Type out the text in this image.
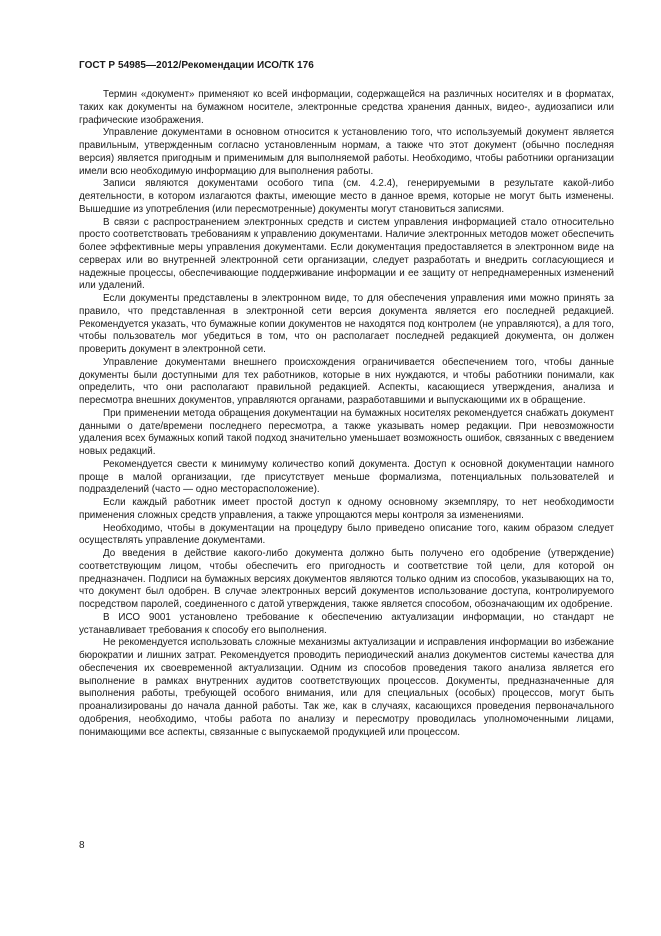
ГОСТ Р 54985—2012/Рекомендации ИСО/ТК 176

Термин «документ» применяют ко всей информации, содержащейся на различных носителях и в форматах, таких как документы на бумажном носителе, электронные средства хранения данных, видео-, аудиозаписи или графические изображения.

Управление документами в основном относится к установлению того, что используемый документ является правильным, утвержденным согласно установленным нормам, а также что этот документ (обычно последняя версия) является пригодным и применимым для выполняемой работы. Необходимо, чтобы работники организации имели всю необходимую информацию для выполнения работы.

Записи являются документами особого типа (см. 4.2.4), генерируемыми в результате какой-либо деятельности, в котором излагаются факты, имеющие место в данное время, которые не могут быть изменены. Вышедшие из употребления (или пересмотренные) документы могут становиться записями.

В связи с распространением электронных средств и систем управления информацией стало относительно просто соответствовать требованиям к управлению документами. Наличие электронных методов может обеспечить более эффективные меры управления документами. Если документация предоставляется в электронном виде на серверах или во внутренней электронной сети организации, следует разработать и внедрить согласующиеся и надежные процессы, обеспечивающие поддерживание информации и ее защиту от непреднамеренных изменений или удалений.

Если документы представлены в электронном виде, то для обеспечения управления ими можно принять за правило, что представленная в электронной сети версия документа является его последней редакцией. Рекомендуется указать, что бумажные копии документов не находятся под контролем (не управляются), а для того, чтобы пользователь мог убедиться в том, что он располагает последней редакцией документа, он должен проверить документ в электронной сети.

Управление документами внешнего происхождения ограничивается обеспечением того, чтобы данные документы были доступными для тех работников, которые в них нуждаются, и чтобы работники понимали, как определить, что они располагают правильной редакцией. Аспекты, касающиеся утверждения, анализа и пересмотра внешних документов, управляются органами, разработавшими и выпускающими их в обращение.

При применении метода обращения документации на бумажных носителях рекомендуется снабжать документ данными о дате/времени последнего пересмотра, а также указывать номер редакции. При невозможности удаления всех бумажных копий такой подход значительно уменьшает возможность ошибок, связанных с введением новых редакций.

Рекомендуется свести к минимуму количество копий документа. Доступ к основной документации намного проще в малой организации, где присутствует меньше формализма, потенциальных пользователей и подразделений (часто — одно месторасположение).

Если каждый работник имеет простой доступ к одному основному экземпляру, то нет необходимости применения сложных средств управления, а также упрощаются меры контроля за изменениями.

Необходимо, чтобы в документации на процедуру было приведено описание того, каким образом следует осуществлять управление документами.

До введения в действие какого-либо документа должно быть получено его одобрение (утверждение) соответствующим лицом, чтобы обеспечить его пригодность и соответствие той цели, для которой он предназначен. Подписи на бумажных версиях документов являются только одним из способов, указывающих на то, что документ был одобрен. В случае электронных версий документов использование доступа, контролируемого посредством паролей, соединенного с датой утверждения, также является способом, обозначающим их одобрение.

В ИСО 9001 установлено требование к обеспечению актуализации информации, но стандарт не устанавливает требования к способу его выполнения.

Не рекомендуется использовать сложные механизмы актуализации и исправления информации во избежание бюрократии и лишних затрат. Рекомендуется проводить периодический анализ документов системы качества для обеспечения их своевременной актуализации. Одним из способов проведения такого анализа является его выполнение в рамках внутренних аудитов соответствующих процессов. Документы, предназначенные для выполнения работы, требующей особого внимания, или для специальных (особых) процессов, могут быть проанализированы до начала данной работы. Так же, как в случаях, касающихся проведения первоначального одобрения, необходимо, чтобы работа по анализу и пересмотру проводилась уполномоченными лицами, понимающими все аспекты, связанные с выпускаемой продукцией или процессом.

8
